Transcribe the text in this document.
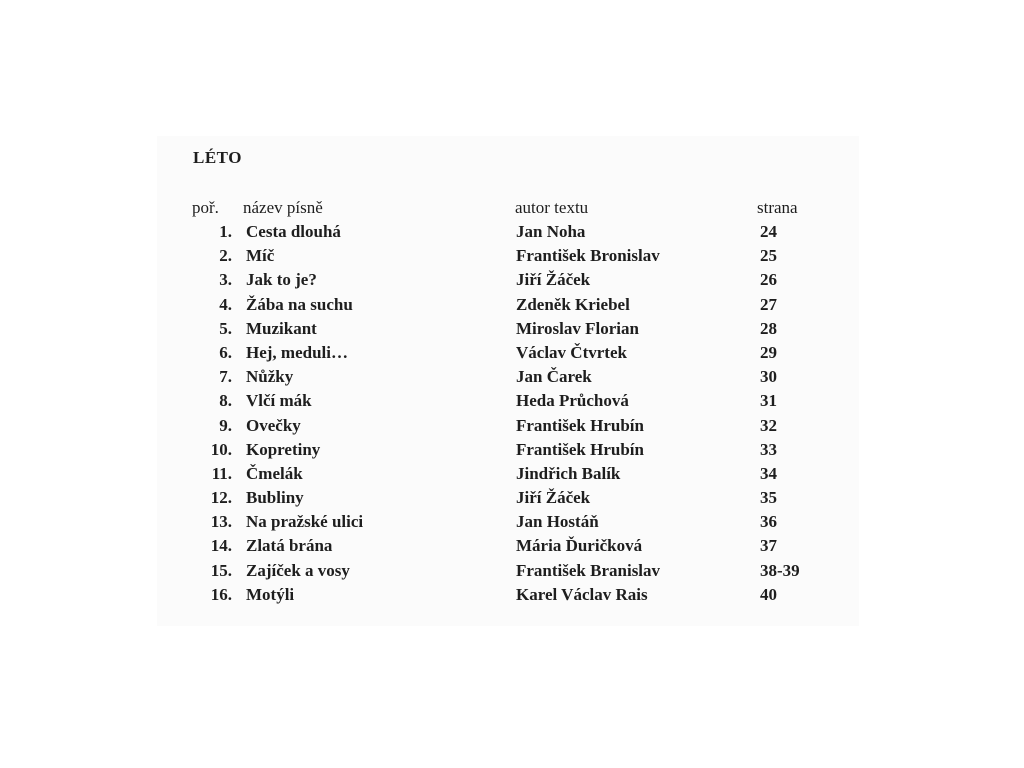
LÉTO
poř. název písně	autor textu	strana
1. Cesta dlouhá	Jan Noha	24
2. Míč	František Bronislav	25
3. Jak to je?	Jiří Žáček	26
4. Žába na suchu	Zdeněk Kriebel	27
5. Muzikant	Miroslav Florian	28
6. Hej, meduli…	Václav Čtvrtek	29
7. Nůžky	Jan Čarek	30
8. Vlčí mák	Heda Průchová	31
9. Ovečky	František Hrubín	32
10. Kopretiny	František Hrubín	33
11. Čmelák	Jindřich Balík	34
12. Bubliny	Jiří Žáček	35
13. Na pražské ulici	Jan Hostáň	36
14. Zlatá brána	Mária Ďuričková	37
15. Zajíček a vosy	František Branislav	38-39
16. Motýli	Karel Václav Rais	40
